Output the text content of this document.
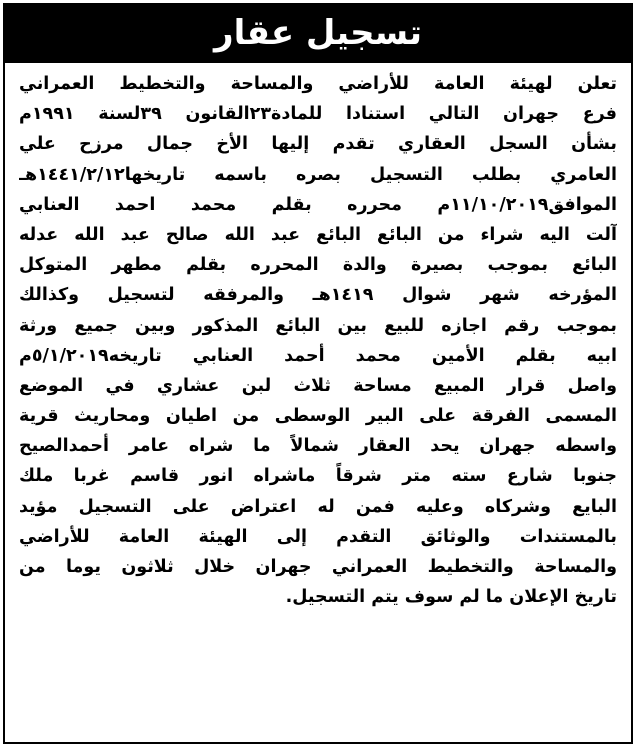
تسجيل عقار
تعلن لهيئة العامة للأراضي والمساحة والتخطيط العمراني
فرع جهران التالي استنادا للمادة٢٣القانون ٣٩لسنة ١٩٩١م
بشأن السجل العقاري تقدم إليها الأخ جمال مرزح علي
العامري بطلب التسجيل بصره باسمه تاريخها١٤٤١/٢/١٢هـ
الموافق١١/١٠/٢٠١٩م محرره بقلم محمد احمد العنابي
آلت اليه شراء من البائع البائع عبد الله صالح عبد الله عدله
البائع بموجب بصيرة والدة المحرره بقلم مطهر المتوكل
المؤرخه شهر شوال ١٤١٩هـ والمرفقه لتسجيل وكذالك
بموجب رقم اجازه للبيع بين البائع المذكور وبين جميع ورثة
ابيه بقلم الأمين محمد أحمد العنابي تاريخه٥/١/٢٠١٩م
واصل قرار المبيع مساحة ثلاث لبن عشاري في الموضع
المسمى الفرقة على البير الوسطى من اطيان ومحاريث قرية
واسطه جهران يحد العقار شمالاً ما شراه عامر أحمدالصيح
جنوبا شارع سته متر شرقاً ماشراه انور قاسم غربا ملك
البايع وشركاه وعليه فمن له اعتراض على التسجيل مؤيد
بالمستندات والوثائق التقدم إلى الهيئة العامة للأراضي
والمساحة والتخطيط العمراني جهران خلال ثلاثون يوما من
تاريخ الإعلان ما لم سوف يتم التسجيل.
